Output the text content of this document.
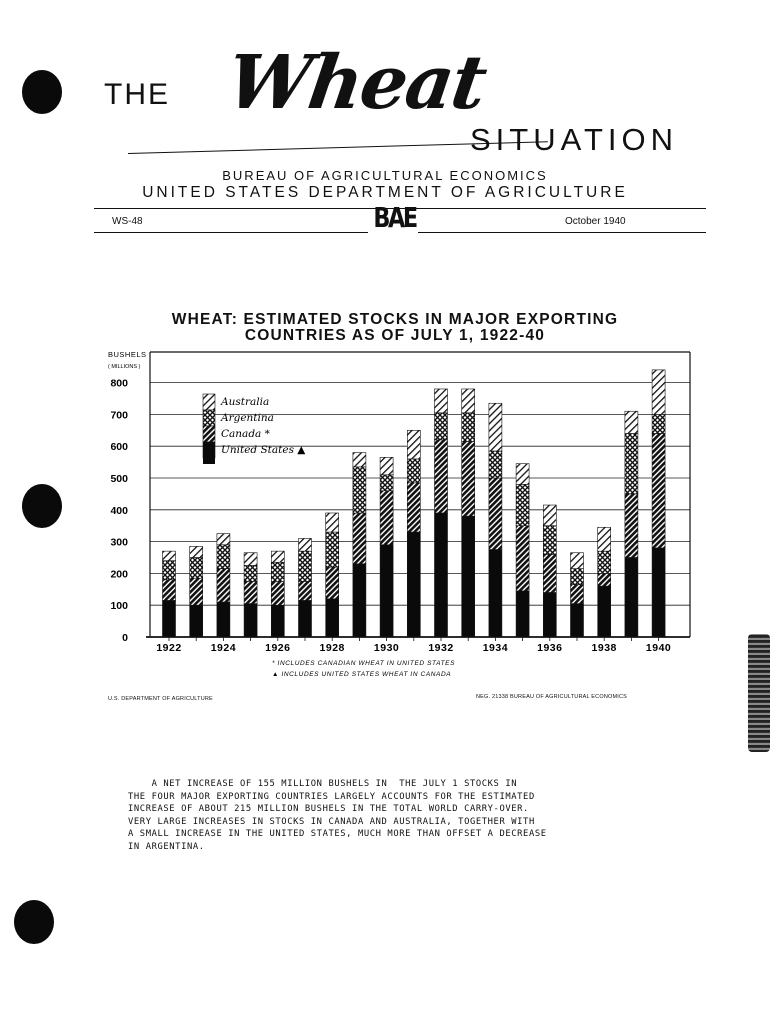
THE Wheat
SITUATION
BUREAU OF AGRICULTURAL ECONOMICS
UNITED STATES DEPARTMENT OF AGRICULTURE
WS-48	BAE	October 1940
WHEAT: ESTIMATED STOCKS IN MAJOR EXPORTING
COUNTRIES AS OF JULY 1, 1922-40
BUSHELS
( MILLIONS )
0
100
200
300
400
500
600
700
800
1922	1924	1926	1928	1930	1932	1934	1936	1938	1940
Australia
Argentina
Canada *
United States ▲
* INCLUDES CANADIAN WHEAT IN UNITED STATES
▲ INCLUDES UNITED STATES WHEAT IN CANADA
U.S. DEPARTMENT OF AGRICULTURE	NEG. 21338 BUREAU OF AGRICULTURAL ECONOMICS
A NET INCREASE OF 155 MILLION BUSHELS IN  THE JULY 1 STOCKS IN
THE FOUR MAJOR EXPORTING COUNTRIES LARGELY ACCOUNTS FOR THE ESTIMATED
INCREASE OF ABOUT 215 MILLION BUSHELS IN THE TOTAL WORLD CARRY-OVER.
VERY LARGE INCREASES IN STOCKS IN CANADA AND AUSTRALIA, TOGETHER WITH
A SMALL INCREASE IN THE UNITED STATES, MUCH MORE THAN OFFSET A DECREASE
IN ARGENTINA.
